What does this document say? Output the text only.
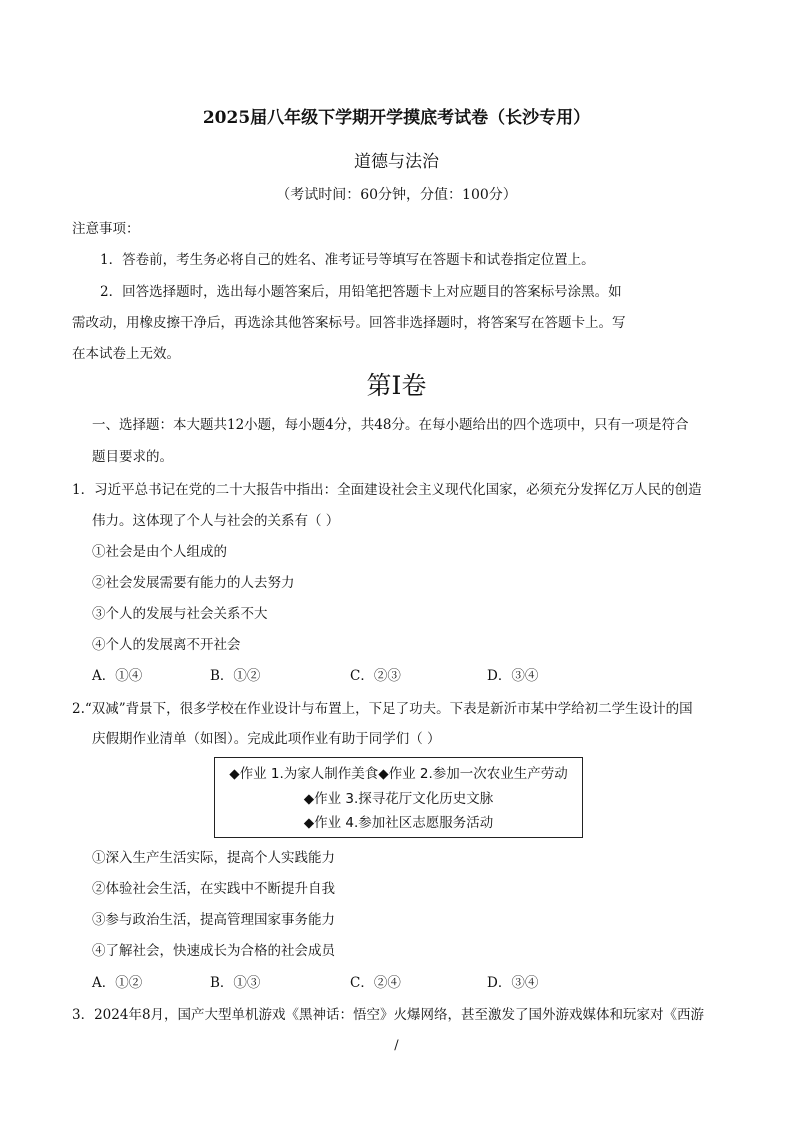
2025届八年级下学期开学摸底考试卷（长沙专用）
道德与法治
（考试时间：60分钟，分值：100分）
注意事项：
1．答卷前，考生务必将自己的姓名、准考证号等填写在答题卡和试卷指定位置上。
2．回答选择题时，选出每小题答案后，用铅笔把答题卡上对应题目的答案标号涂黑。如
需改动，用橡皮擦干净后，再选涂其他答案标号。回答非选择题时，将答案写在答题卡上。写
在本试卷上无效。
第Ⅰ卷
一、选择题：本大题共12小题，每小题4分，共48分。在每小题给出的四个选项中，只有一项是符合
题目要求的。
1．习近平总书记在党的二十大报告中指出：全面建设社会主义现代化国家，必须充分发挥亿万人民的创造
伟力。这体现了个人与社会的关系有（ ）
①社会是由个人组成的
②社会发展需要有能力的人去努力
③个人的发展与社会关系不大
④个人的发展离不开社会
A．①④	B．①②	C．②③	D．③④
2.“双减”背景下，很多学校在作业设计与布置上，下足了功夫。下表是新沂市某中学给初二学生设计的国
庆假期作业清单（如图）。完成此项作业有助于同学们（ ）
◆作业 1.为家人制作美食◆作业 2.参加一次农业生产劳动
◆作业 3.探寻花厅文化历史文脉
◆作业 4.参加社区志愿服务活动
①深入生产生活实际，提高个人实践能力
②体验社会生活，在实践中不断提升自我
③参与政治生活，提高管理国家事务能力
④了解社会，快速成长为合格的社会成员
A．①②	B．①③	C．②④	D．③④
3．2024年8月，国产大型单机游戏《黑神话：悟空》火爆网络，甚至激发了国外游戏媒体和玩家对《西游
/
